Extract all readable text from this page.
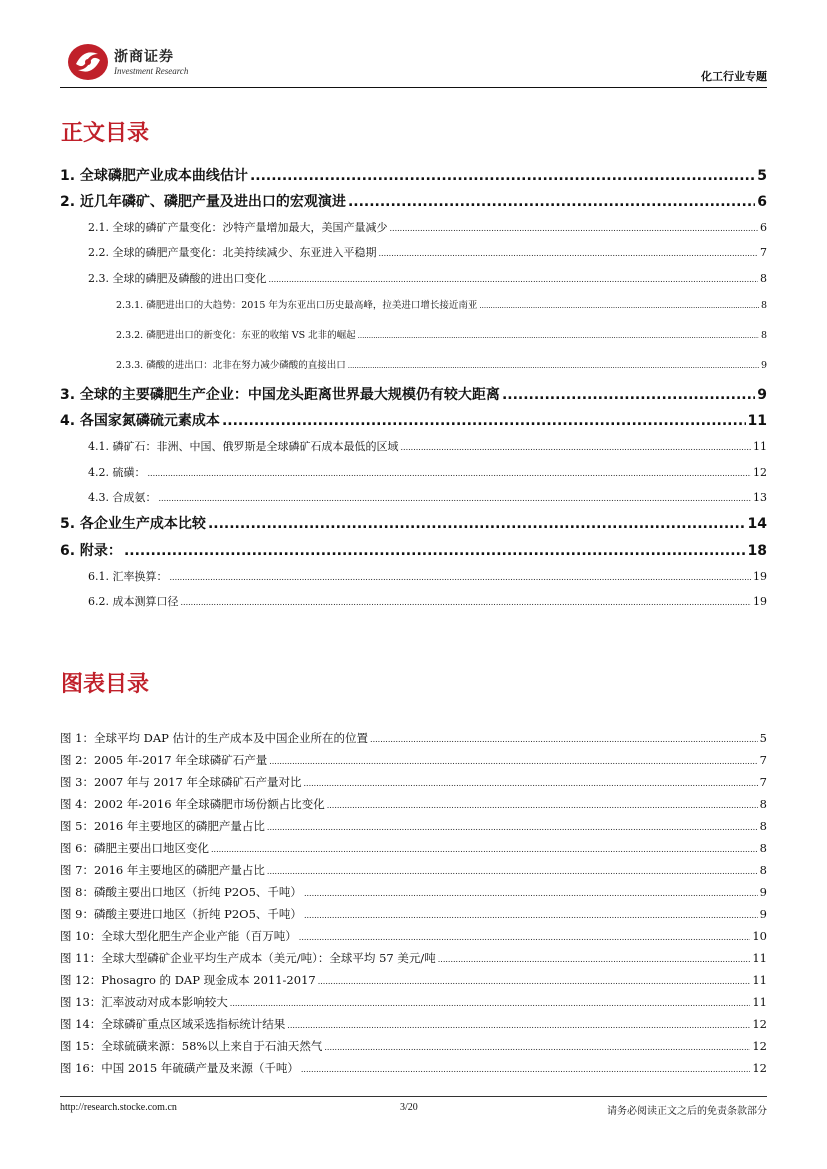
浙商证券
Investment Research	化工行业专题
正文目录
1. 全球磷肥产业成本曲线估计 .....	5
2. 近几年磷矿、磷肥产量及进出口的宏观演进 .....	6
2.1. 全球的磷矿产量变化：沙特产量增加最大，美国产量减少 .....	6
2.2. 全球的磷肥产量变化：北美持续减少、东亚进入平稳期 .....	7
2.3. 全球的磷肥及磷酸的进出口变化 .....	8
2.3.1. 磷肥进出口的大趋势：2015 年为东亚出口历史最高峰，拉美进口增长接近南亚 .....	8
2.3.2. 磷肥进出口的新变化：东亚的收缩 VS 北非的崛起 .....	8
2.3.3. 磷酸的进出口：北非在努力减少磷酸的直接出口 .....	9
3. 全球的主要磷肥生产企业：中国龙头距离世界最大规模仍有较大距离 .....	9
4. 各国家氮磷硫元素成本 .....	11
4.1. 磷矿石：非洲、中国、俄罗斯是全球磷矿石成本最低的区域 .....	11
4.2. 硫磺： .....	12
4.3. 合成氨： .....	13
5. 各企业生产成本比较 .....	14
6. 附录： .....	18
6.1. 汇率换算： .....	19
6.2. 成本测算口径 .....	19
图表目录
图 1：全球平均 DAP 估计的生产成本及中国企业所在的位置 .....	5
图 2：2005 年-2017 年全球磷矿石产量 .....	7
图 3：2007 年与 2017 年全球磷矿石产量对比 .....	7
图 4：2002 年-2016 年全球磷肥市场份额占比变化 .....	8
图 5：2016 年主要地区的磷肥产量占比 .....	8
图 6：磷肥主要出口地区变化 .....	8
图 7：2016 年主要地区的磷肥产量占比 .....	8
图 8：磷酸主要出口地区（折纯 P2O5、千吨） .....	9
图 9：磷酸主要进口地区（折纯 P2O5、千吨） .....	9
图 10：全球大型化肥生产企业产能（百万吨） .....	10
图 11：全球大型磷矿企业平均生产成本（美元/吨）：全球平均 57 美元/吨 .....	11
图 12：Phosagro 的 DAP 现金成本 2011-2017 .....	11
图 13：汇率波动对成本影响较大 .....	11
图 14：全球磷矿重点区域采选指标统计结果 .....	12
图 15：全球硫磺来源：58%以上来自于石油天然气 .....	12
图 16：中国 2015 年硫磺产量及来源（千吨） .....	12
http://research.stocke.com.cn	3/20	请务必阅读正文之后的免责条款部分
